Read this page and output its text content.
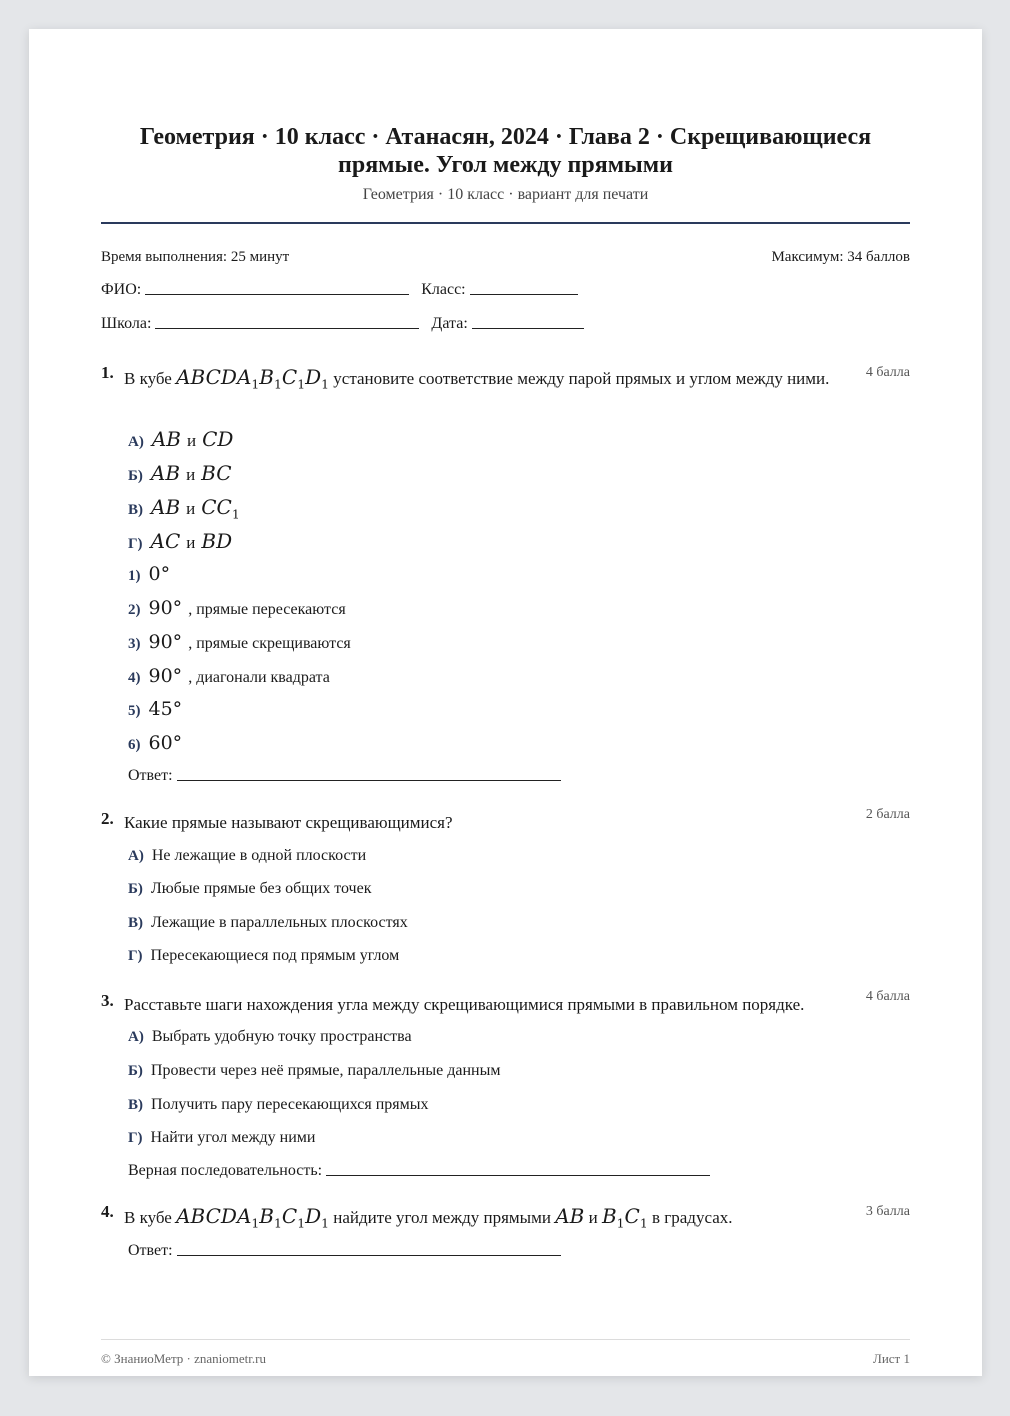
Геометрия · 10 класс · Атанасян, 2024 · Глава 2 · Скрещивающиеся прямые. Угол между прямыми
Геометрия · 10 класс · вариант для печати
Время выполнения: 25 минут	Максимум: 34 баллов
ФИО:	Класс:
Школа:	Дата:
1. В кубе $ABCDA_1B_1C_1D_1$ установите соответствие между парой прямых и углом между ними.	4 балла
А) AB и CD
Б) AB и BC
В) AB и $CC_1$
Г) AC и BD
1) 0°
2) 90° , прямые пересекаются
3) 90° , прямые скрещиваются
4) 90° , диагонали квадрата
5) 45°
6) 60°
Ответ:
2. Какие прямые называют скрещивающимися?	2 балла
А) Не лежащие в одной плоскости
Б) Любые прямые без общих точек
В) Лежащие в параллельных плоскостях
Г) Пересекающиеся под прямым углом
3. Расставьте шаги нахождения угла между скрещивающимися прямыми в правильном порядке.	4 балла
А) Выбрать удобную точку пространства
Б) Провести через неё прямые, параллельные данным
В) Получить пару пересекающихся прямых
Г) Найти угол между ними
Верная последовательность:
4. В кубе $ABCDA_1B_1C_1D_1$ найдите угол между прямыми AB и $B_1C_1$ в градусах.	3 балла
Ответ:
© ЗнаниоМетр · znaniometr.ru	Лист 1
